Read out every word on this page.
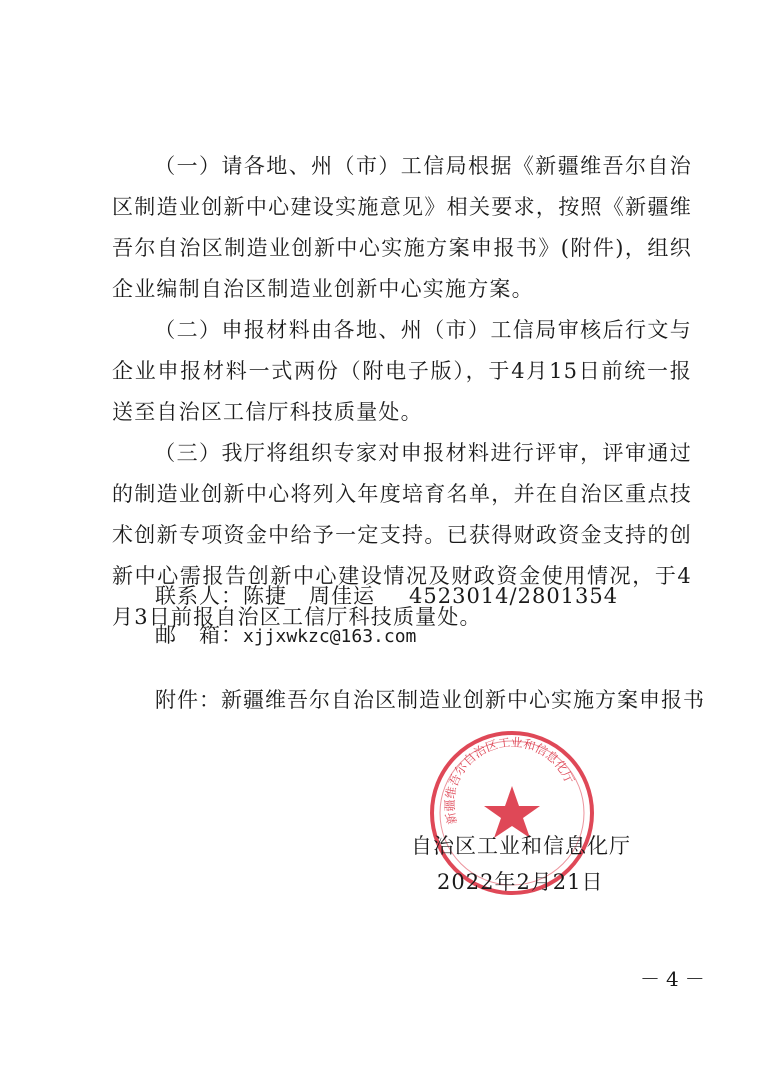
（一）请各地、州（市）工信局根据《新疆维吾尔自治区制造业创新中心建设实施意见》相关要求，按照《新疆维吾尔自治区制造业创新中心实施方案申报书》(附件)，组织企业编制自治区制造业创新中心实施方案。
（二）申报材料由各地、州（市）工信局审核后行文与企业申报材料一式两份（附电子版），于4月15日前统一报送至自治区工信厅科技质量处。
（三）我厅将组织专家对申报材料进行评审，评审通过的制造业创新中心将列入年度培育名单，并在自治区重点技术创新专项资金中给予一定支持。已获得财政资金支持的创新中心需报告创新中心建设情况及财政资金使用情况，于4月3日前报自治区工信厅科技质量处。
联系人：陈捷　周佳运 4523014/2801354
邮　箱：xjjxwkzc@163.com
附件：新疆维吾尔自治区制造业创新中心实施方案申报书
新疆维吾尔自治区工业和信息化厅
自治区工业和信息化厅
2022年2月21日
－4－
